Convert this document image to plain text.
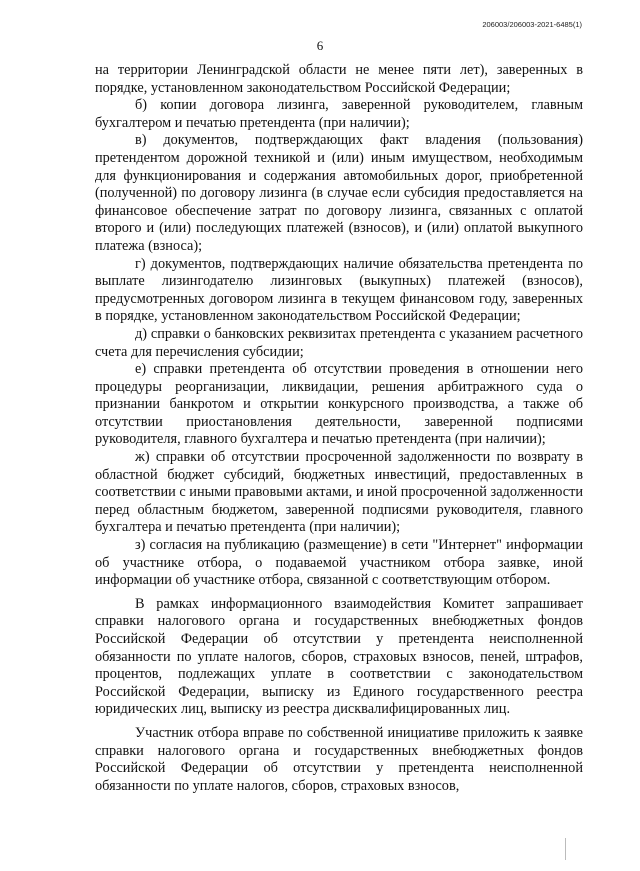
206003/206003-2021-6485(1)
6

на территории Ленинградской области не менее пяти лет), заверенных в порядке, установленном законодательством Российской Федерации;

б) копии договора лизинга, заверенной руководителем, главным бухгалтером и печатью претендента (при наличии);

в) документов, подтверждающих факт владения (пользования) претендентом дорожной техникой и (или) иным имуществом, необходимым для функционирования и содержания автомобильных дорог, приобретенной (полученной) по договору лизинга (в случае если субсидия предоставляется на финансовое обеспечение затрат по договору лизинга, связанных с оплатой второго и (или) последующих платежей (взносов), и (или) оплатой выкупного платежа (взноса);

г) документов, подтверждающих наличие обязательства претендента по выплате лизингодателю лизинговых (выкупных) платежей (взносов), предусмотренных договором лизинга в текущем финансовом году, заверенных в порядке, установленном законодательством Российской Федерации;

д) справки о банковских реквизитах претендента с указанием расчетного счета для перечисления субсидии;

е) справки претендента об отсутствии проведения в отношении него процедуры реорганизации, ликвидации, решения арбитражного суда о признании банкротом и открытии конкурсного производства, а также об отсутствии приостановления деятельности, заверенной подписями руководителя, главного бухгалтера и печатью претендента (при наличии);

ж) справки об отсутствии просроченной задолженности по возврату в областной бюджет субсидий, бюджетных инвестиций, предоставленных в соответствии с иными правовыми актами, и иной просроченной задолженности перед областным бюджетом, заверенной подписями руководителя, главного бухгалтера и печатью претендента (при наличии);

з) согласия на публикацию (размещение) в сети "Интернет" информации об участнике отбора, о подаваемой участником отбора заявке, иной информации об участнике отбора, связанной с соответствующим отбором.

В рамках информационного взаимодействия Комитет запрашивает справки налогового органа и государственных внебюджетных фондов Российской Федерации об отсутствии у претендента неисполненной обязанности по уплате налогов, сборов, страховых взносов, пеней, штрафов, процентов, подлежащих уплате в соответствии с законодательством Российской Федерации, выписку из Единого государственного реестра юридических лиц, выписку из реестра дисквалифицированных лиц.

Участник отбора вправе по собственной инициативе приложить к заявке справки налогового органа и государственных внебюджетных фондов Российской Федерации об отсутствии у претендента неисполненной обязанности по уплате налогов, сборов, страховых взносов,
